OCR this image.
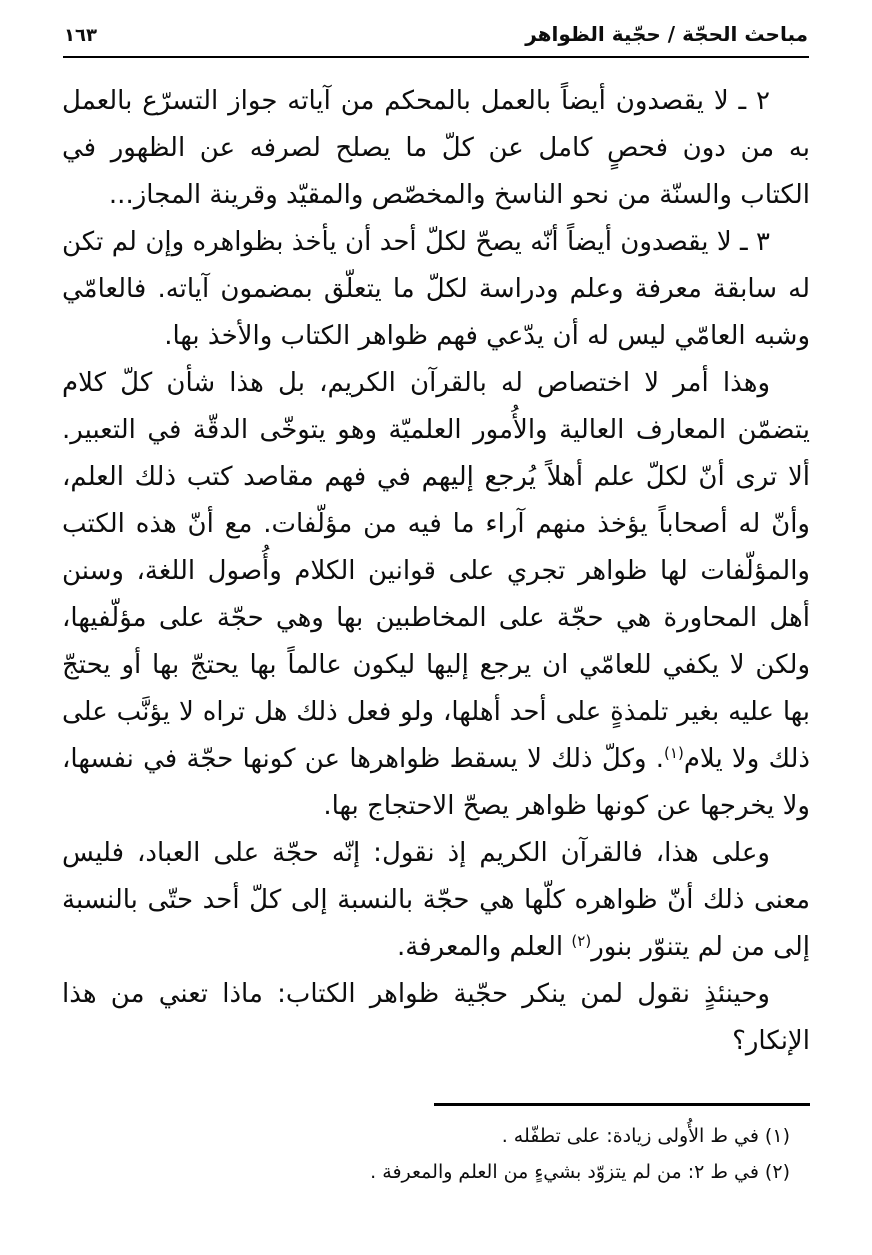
مباحث الحجّة / حجّية الظواهر
١٦٣

٢ ـ لا يقصدون أيضاً بالعمل بالمحكم من آياته جواز التسرّع بالعمل به من دون فحصٍ كامل عن كلّ ما يصلح لصرفه عن الظهور في الكتاب والسنّة من نحو الناسخ والمخصّص والمقيّد وقرينة المجاز...

٣ ـ لا يقصدون أيضاً أنّه يصحّ لكلّ أحد أن يأخذ بظواهره وإن لم تكن له سابقة معرفة وعلم ودراسة لكلّ ما يتعلّق بمضمون آياته. فالعامّي وشبه العامّي ليس له أن يدّعي فهم ظواهر الكتاب والأخذ بها.

وهذا أمر لا اختصاص له بالقرآن الكريم، بل هذا شأن كلّ كلام يتضمّن المعارف العالية والأُمور العلميّة وهو يتوخّى الدقّة في التعبير. ألا ترى أنّ لكلّ علم أهلاً يُرجع إليهم في فهم مقاصد كتب ذلك العلم، وأنّ له أصحاباً يؤخذ منهم آراء ما فيه من مؤلّفات. مع أنّ هذه الكتب والمؤلّفات لها ظواهر تجري على قوانين الكلام وأُصول اللغة، وسنن أهل المحاورة هي حجّة على المخاطبين بها وهي حجّة على مؤلّفيها، ولكن لا يكفي للعامّي ان يرجع إليها ليكون عالماً بها يحتجّ بها أو يحتجّ بها عليه بغير تلمذةٍ على أحد أهلها، ولو فعل ذلك هل تراه لا يؤنَّب على ذلك ولا يلام$^{(١)}$. وكلّ ذلك لا يسقط ظواهرها عن كونها حجّة في نفسها، ولا يخرجها عن كونها ظواهر يصحّ الاحتجاج بها.

وعلى هذا، فالقرآن الكريم إذ نقول: إنّه حجّة على العباد، فليس معنى ذلك أنّ ظواهره كلّها هي حجّة بالنسبة إلى كلّ أحد حتّى بالنسبة إلى من لم يتنوّر بنور$^{(٢)}$ العلم والمعرفة.

وحينئذٍ نقول لمن ينكر حجّية ظواهر الكتاب: ماذا تعني من هذا الإنكار؟

(١) في ط الأُولى زيادة: على تطفّله .

(٢) في ط ٢: من لم يتزوّد بشيءٍ من العلم والمعرفة .
